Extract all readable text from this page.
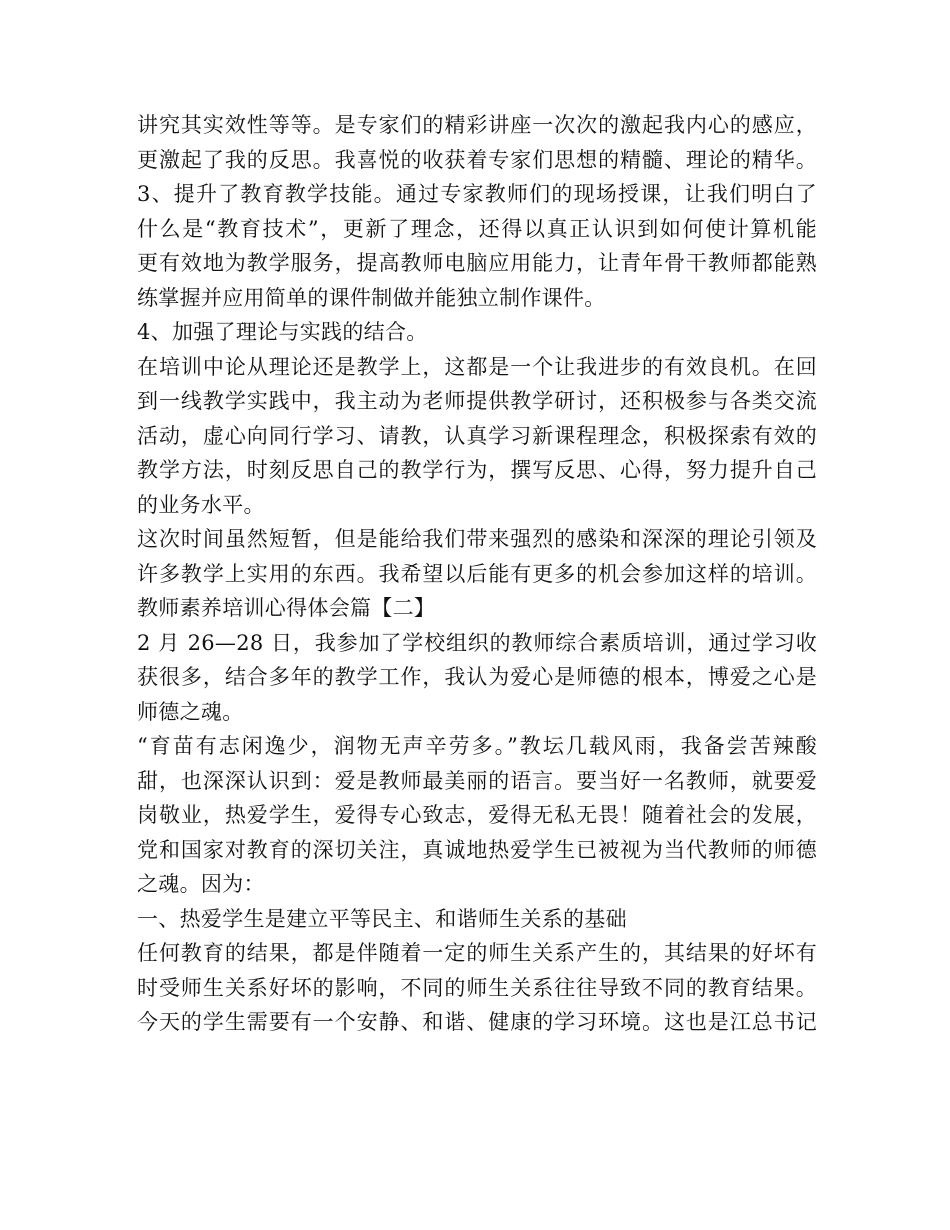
讲究其实效性等等。是专家们的精彩讲座一次次的激起我内心的感应，
更激起了我的反思。我喜悦的收获着专家们思想的精髓、理论的精华。
3、提升了教育教学技能。通过专家教师们的现场授课，让我们明白了
什么是“教育技术”，更新了理念，还得以真正认识到如何使计算机能
更有效地为教学服务，提高教师电脑应用能力，让青年骨干教师都能熟
练掌握并应用简单的课件制做并能独立制作课件。
4、加强了理论与实践的结合。
在培训中论从理论还是教学上，这都是一个让我进步的有效良机。在回
到一线教学实践中，我主动为老师提供教学研讨，还积极参与各类交流
活动，虚心向同行学习、请教，认真学习新课程理念，积极探索有效的
教学方法，时刻反思自己的教学行为，撰写反思、心得，努力提升自己
的业务水平。
这次时间虽然短暂，但是能给我们带来强烈的感染和深深的理论引领及
许多教学上实用的东西。我希望以后能有更多的机会参加这样的培训。
教师素养培训心得体会篇【二】
2 月 26—28 日，我参加了学校组织的教师综合素质培训，通过学习收
获很多，结合多年的教学工作，我认为爱心是师德的根本，博爱之心是
师德之魂。
“育苗有志闲逸少，润物无声辛劳多。”教坛几载风雨，我备尝苦辣酸
甜，也深深认识到：爱是教师最美丽的语言。要当好一名教师，就要爱
岗敬业，热爱学生，爱得专心致志，爱得无私无畏！随着社会的发展，
党和国家对教育的深切关注，真诚地热爱学生已被视为当代教师的师德
之魂。因为：
一、热爱学生是建立平等民主、和谐师生关系的基础
任何教育的结果，都是伴随着一定的师生关系产生的，其结果的好坏有
时受师生关系好坏的影响，不同的师生关系往往导致不同的教育结果。
今天的学生需要有一个安静、和谐、健康的学习环境。这也是江总书记
